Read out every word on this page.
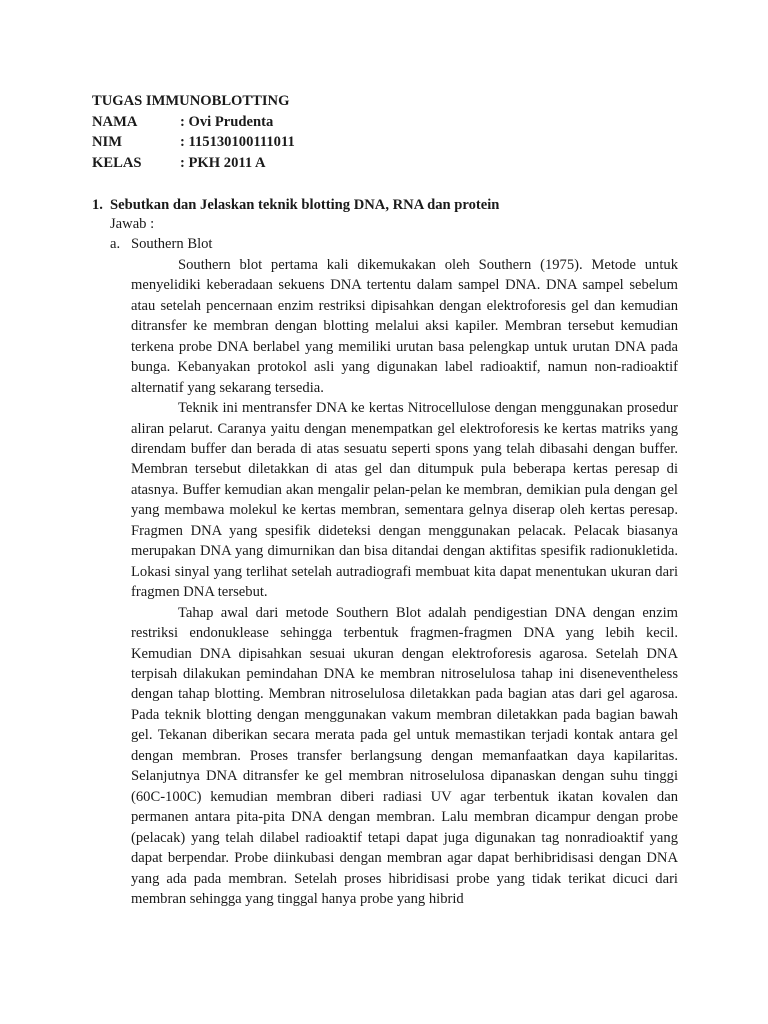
TUGAS IMMUNOBLOTTING
NAMA	: Ovi Prudenta
NIM	: 115130100111011
KELAS	: PKH 2011 A
1. Sebutkan dan Jelaskan teknik blotting DNA, RNA dan protein
Jawab :
a. Southern Blot

Southern blot pertama kali dikemukakan oleh Southern (1975). Metode untuk menyelidiki keberadaan sekuens DNA tertentu dalam sampel DNA. DNA sampel sebelum atau setelah pencernaan enzim restriksi dipisahkan dengan elektroforesis gel dan kemudian ditransfer ke membran dengan blotting melalui aksi kapiler. Membran tersebut kemudian terkena probe DNA berlabel yang memiliki urutan basa pelengkap untuk urutan DNA pada bunga. Kebanyakan protokol asli yang digunakan label radioaktif, namun non-radioaktif alternatif yang sekarang tersedia.

Teknik ini mentransfer DNA ke kertas Nitrocellulose dengan menggunakan prosedur aliran pelarut. Caranya yaitu dengan menempatkan gel elektroforesis ke kertas matriks yang direndam buffer dan berada di atas sesuatu seperti spons yang telah dibasahi dengan buffer. Membran tersebut diletakkan di atas gel dan ditumpuk pula beberapa kertas peresap di atasnya. Buffer kemudian akan mengalir pelan-pelan ke membran, demikian pula dengan gel yang membawa molekul ke kertas membran, sementara gelnya diserap oleh kertas peresap. Fragmen DNA yang spesifik dideteksi dengan menggunakan pelacak. Pelacak biasanya merupakan DNA yang dimurnikan dan bisa ditandai dengan aktifitas spesifik radionukletida. Lokasi sinyal yang terlihat setelah autradiografi membuat kita dapat menentukan ukuran dari fragmen DNA tersebut.

Tahap awal dari metode Southern Blot adalah pendigestian DNA dengan enzim restriksi endonuklease sehingga terbentuk fragmen-fragmen DNA yang lebih kecil. Kemudian DNA dipisahkan sesuai ukuran dengan elektroforesis agarosa. Setelah DNA terpisah dilakukan pemindahan DNA ke membran nitroselulosa tahap ini diseneventheless dengan tahap blotting. Membran nitroselulosa diletakkan pada bagian atas dari gel agarosa. Pada teknik blotting dengan menggunakan vakum membran diletakkan pada bagian bawah gel. Tekanan diberikan secara merata pada gel untuk memastikan terjadi kontak antara gel dengan membran. Proses transfer berlangsung dengan memanfaatkan daya kapilaritas. Selanjutnya DNA ditransfer ke gel membran nitroselulosa dipanaskan dengan suhu tinggi (60C-100C) kemudian membran diberi radiasi UV agar terbentuk ikatan kovalen dan permanen antara pita-pita DNA dengan membran. Lalu membran dicampur dengan probe (pelacak) yang telah dilabel radioaktif tetapi dapat juga digunakan tag nonradioaktif yang dapat berpendar. Probe diinkubasi dengan membran agar dapat berhibridisasi dengan DNA yang ada pada membran. Setelah proses hibridisasi probe yang tidak terikat dicuci dari membran sehingga yang tinggal hanya probe yang hibrid
